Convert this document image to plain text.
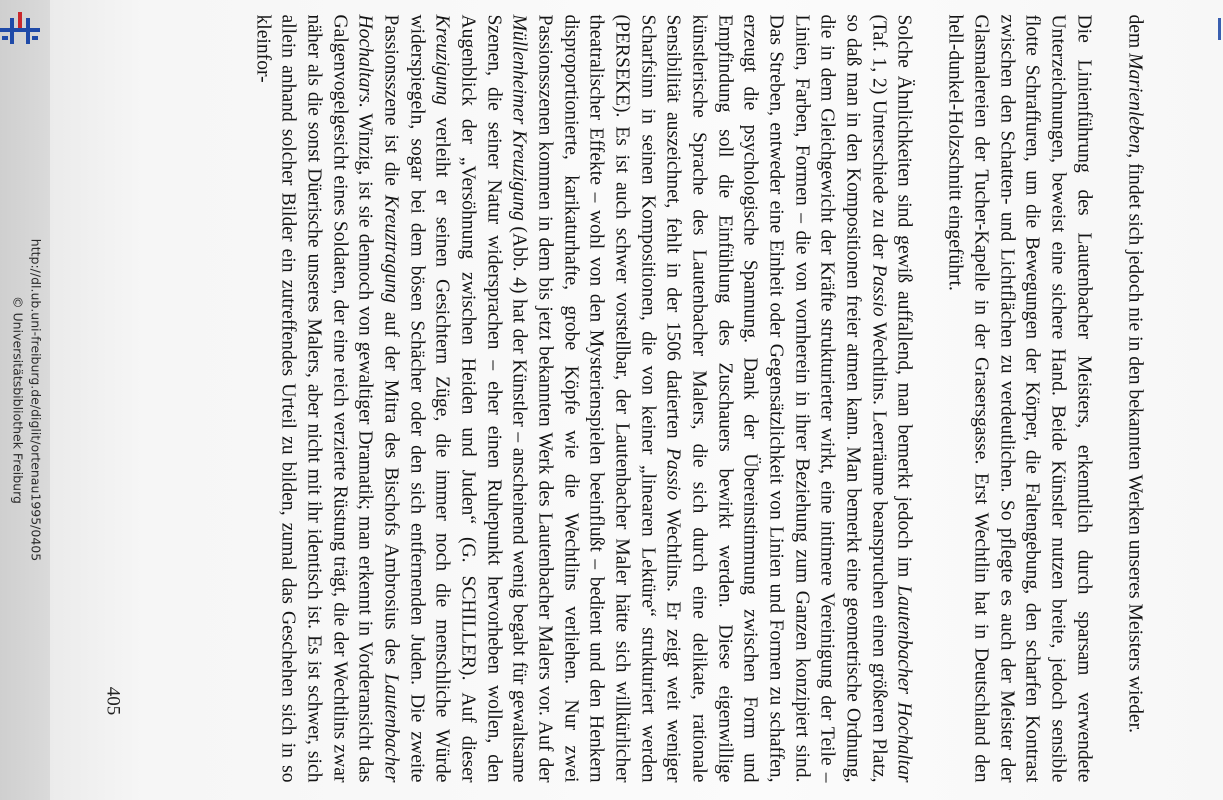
http://dl.ub.uni-freiburg.de/diglit/ortenau1995/0405
© Universitätsbibliothek Freiburg

dem Marienleben, findet sich jedoch nie in den bekannten Werken unseres Meisters wieder.

Die Linienführung des Lautenbacher Meisters, erkenntlich durch sparsam verwendete Unterzeichnungen, beweist eine sichere Hand. Beide Künstler nutzen breite, jedoch sensible flotte Schraffuren, um die Bewegungen der Körper, die Faltengebung, den scharfen Kontrast zwischen den Schatten- und Lichtflächen zu verdeutlichen. So pflegte es auch der Meister der Glasmalereien der Tucher-Kapelle in der Grasersgasse. Erst Wechtlin hat in Deutschland den hell-dunkel-Holzschnitt eingeführt.

Solche Ähnlichkeiten sind gewiß auffallend, man bemerkt jedoch im Lautenbacher Hochaltar (Taf. 1, 2) Unterschiede zu der Passio Wechtlins. Leerräume beanspruchen einen größeren Platz, so daß man in den Kompositionen freier atmen kann. Man bemerkt eine geometrische Ordnung, die in dem Gleichgewicht der Kräfte strukturierter wirkt, eine intimere Vereinigung der Teile – Linien, Farben, Formen – die von vornherein in ihrer Beziehung zum Ganzen konzipiert sind. Das Streben, entweder eine Einheit oder Gegensätzlichkeit von Linien und Formen zu schaffen, erzeugt die psychologische Spannung. Dank der Übereinstimmung zwischen Form und Empfindung soll die Einfühlung des Zuschauers bewirkt werden. Diese eigenwillige künstlerische Sprache des Lautenbacher Malers, die sich durch eine delikate, rationale Sensibilität auszeichnet, fehlt in der 1506 datierten Passio Wechtlins. Er zeigt weit weniger Scharfsinn in seinen Kompositionen, die von keiner „linearen Lektüre“ strukturiert werden (PERSEKE). Es ist auch schwer vorstellbar, der Lautenbacher Maler hätte sich willkürlicher theatralischer Effekte – wohl von den Mysterienspielen beeinflußt – bedient und den Henkern disproportionierte, karikaturhafte, grobe Köpfe wie die Wechtlins verliehen. Nur zwei Passionsszenen kommen in dem bis jetzt bekannten Werk des Lautenbacher Malers vor. Auf der Müllenheimer Kreuzigung (Abb. 4) hat der Künstler – anscheinend wenig begabt für gewaltsame Szenen, die seiner Natur widersprachen – eher einen Ruhepunkt hervorheben wollen, den Augenblick der „Versöhnung zwischen Heiden und Juden“ (G. SCHILLER). Auf dieser Kreuzigung verleiht er seinen Gesichtern Züge, die immer noch die menschliche Würde widerspiegeln, sogar bei dem bösen Schächer oder den sich entfernenden Juden. Die zweite Passionsszene ist die Kreuztragung auf der Mitra des Bischofs Ambrosius des Lautenbacher Hochaltars. Winzig, ist sie dennoch von gewaltiger Dramatik; man erkennt in Vorderansicht das Galgenvogelgesicht eines Soldaten, der eine reich verzierte Rüstung trägt, die der Wechtlins zwar näher als die sonst Düerische unseres Malers, aber nicht mit ihr identisch ist. Es ist schwer, sich allein anhand solcher Bilder ein zutreffendes Urteil zu bilden, zumal das Geschehen sich in so kleinfor-

405
